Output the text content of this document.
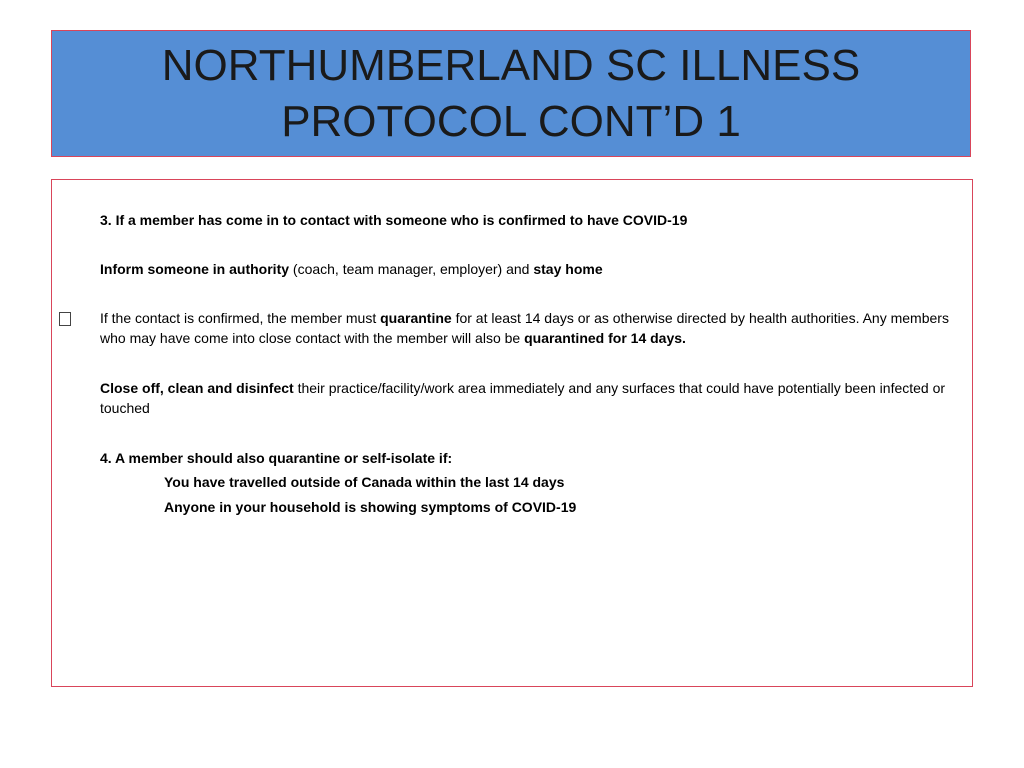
NORTHUMBERLAND SC ILLNESS
PROTOCOL CONT’D 1

3. If a member has come in to contact with someone who is confirmed to have COVID-19

Inform someone in authority (coach, team manager, employer) and stay home

If the contact is confirmed, the member must quarantine for at least 14 days or as otherwise directed by health authorities. Any members who may have come into close contact with the member will also be quarantined for 14 days.

Close off, clean and disinfect their practice/facility/work area immediately and any surfaces that could have potentially been infected or touched

4. A member should also quarantine or self-isolate if:

You have travelled outside of Canada within the last 14 days

Anyone in your household is showing symptoms of COVID-19
